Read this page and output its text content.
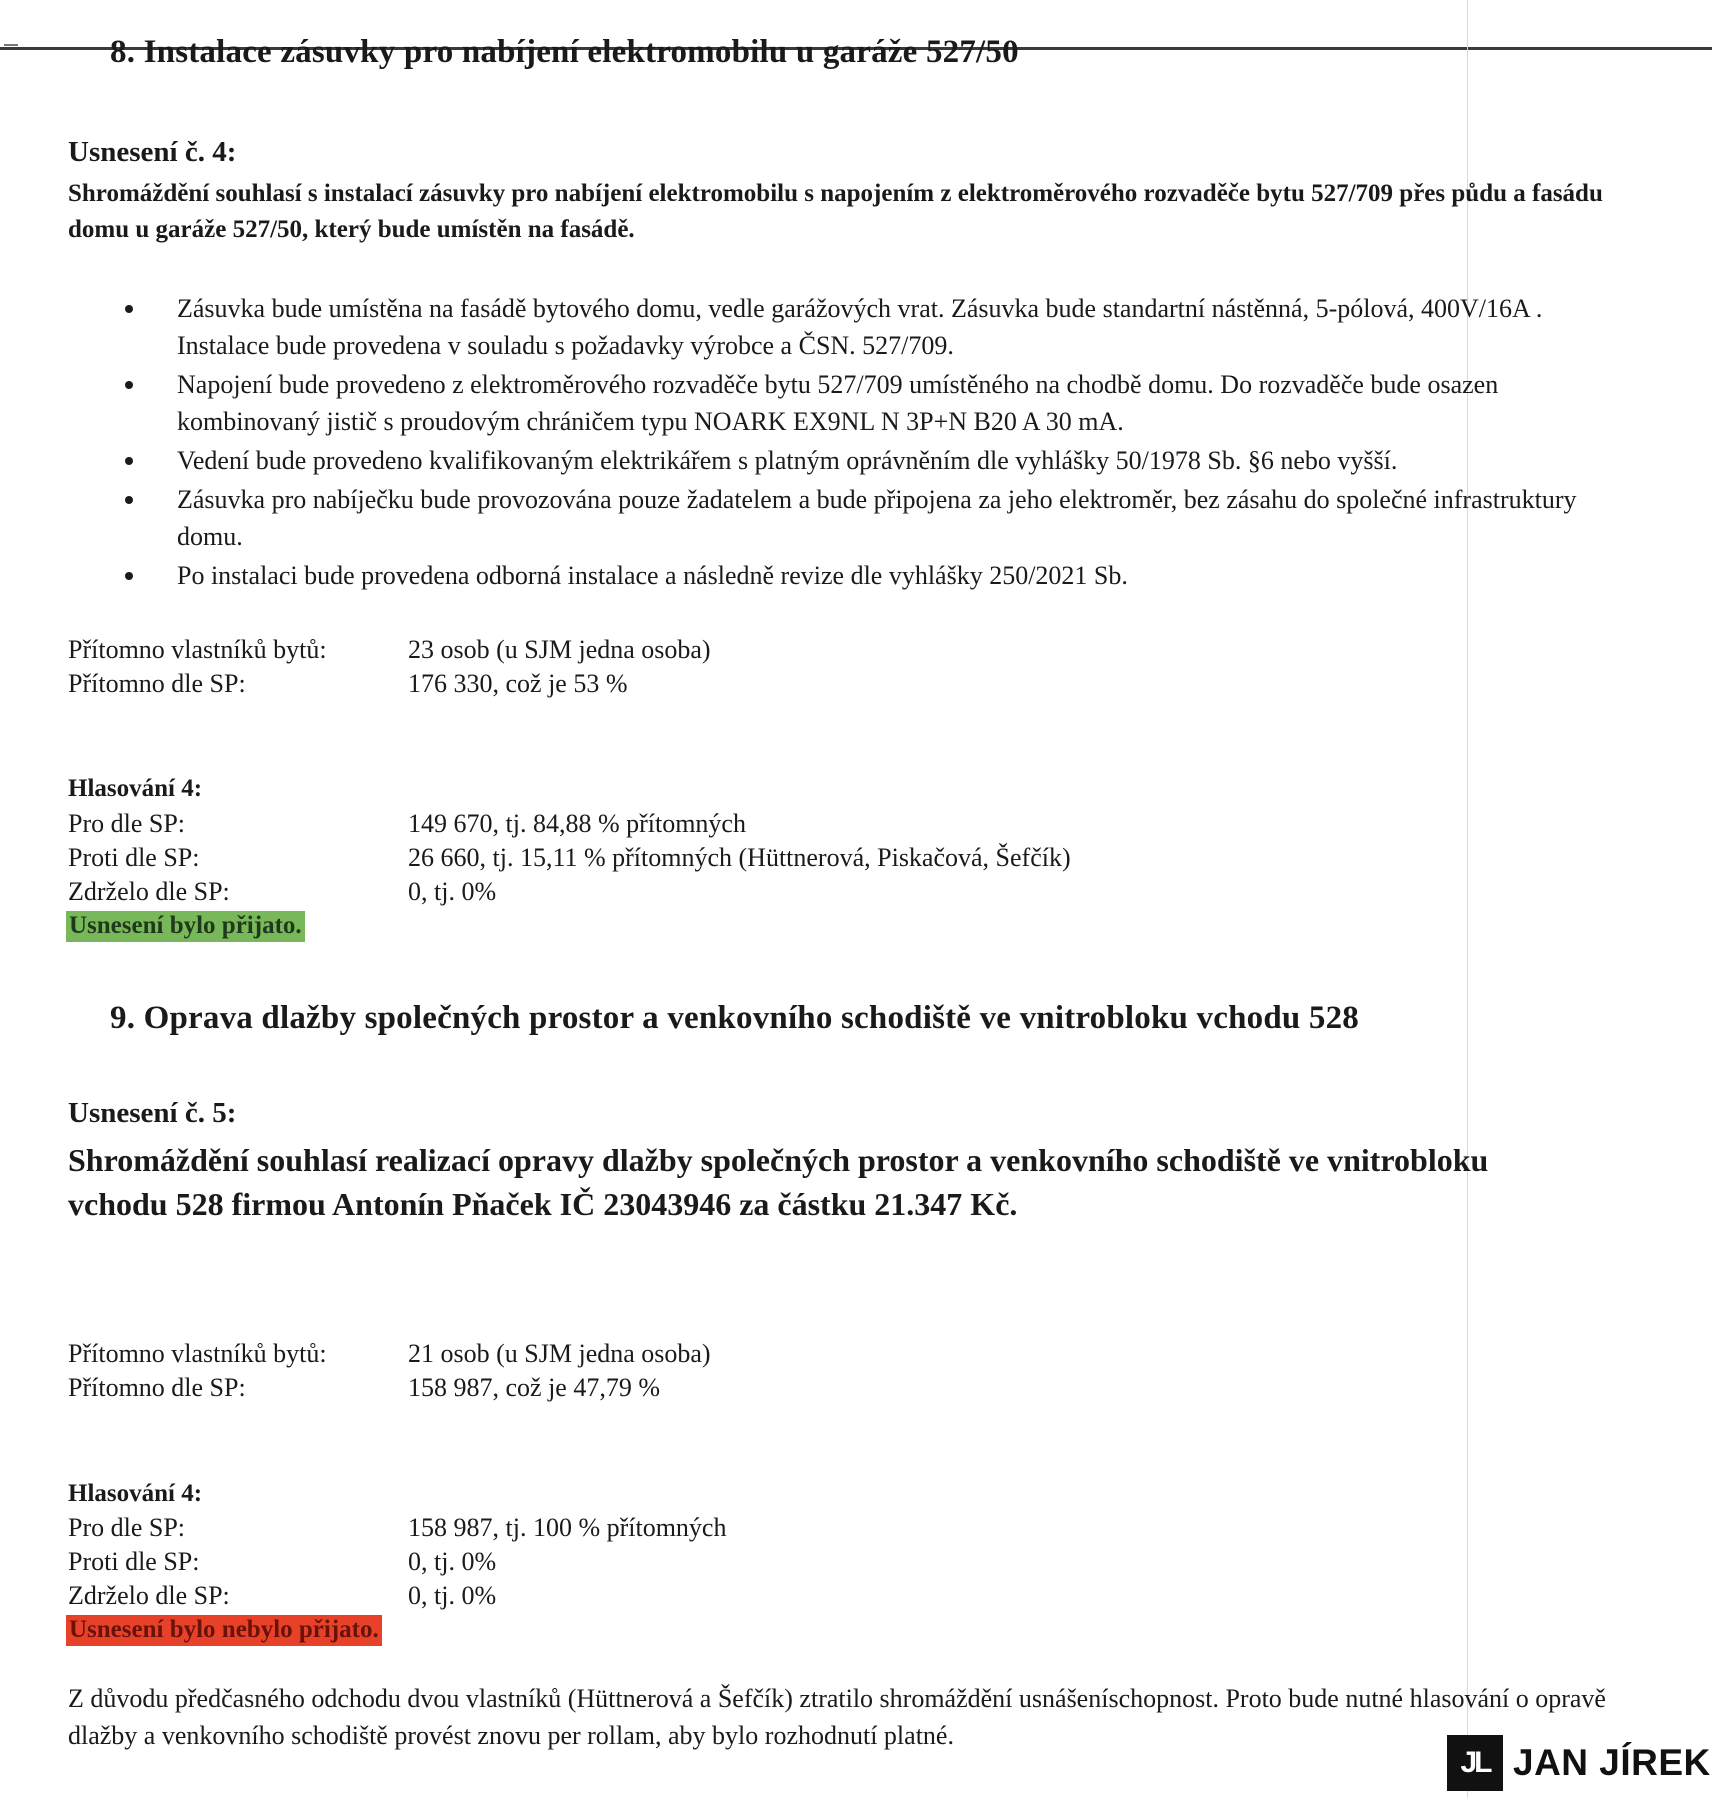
8. Instalace zásuvky pro nabíjení elektromobilu u garáže 527/50
Usnesení č. 4:
Shromáždění souhlasí s instalací zásuvky pro nabíjení elektromobilu s napojením z elektroměrového rozvaděče bytu 527/709 přes půdu a fasádu domu u garáže 527/50, který bude umístěn na fasádě.
Zásuvka bude umístěna na fasádě bytového domu, vedle garážových vrat. Zásuvka bude standartní nástěnná, 5-pólová, 400V/16A . Instalace bude provedena v souladu s požadavky výrobce a ČSN. 527/709.
Napojení bude provedeno z elektroměrového rozvaděče bytu 527/709 umístěného na chodbě domu. Do rozvaděče bude osazen kombinovaný jistič s proudovým chráničem typu NOARK EX9NL N 3P+N B20 A 30 mA.
Vedení bude provedeno kvalifikovaným elektrikářem s platným oprávněním dle vyhlášky 50/1978 Sb. §6 nebo vyšší.
Zásuvka pro nabíječku bude provozována pouze žadatelem a bude připojena za jeho elektroměr, bez zásahu do společné infrastruktury domu.
Po instalaci bude provedena odborná instalace a následně revize dle vyhlášky 250/2021 Sb.
Přítomno vlastníků bytů:	23 osob (u SJM jedna osoba)
Přítomno dle SP:	176 330, což je 53 %
Hlasování 4:
Pro dle SP:	149 670, tj. 84,88 % přítomných
Proti dle SP:	26 660, tj. 15,11 % přítomných (Hüttnerová, Piskačová, Šefčík)
Zdrželo dle SP:	0, tj. 0%
Usnesení bylo přijato.
9. Oprava dlažby společných prostor a venkovního schodiště ve vnitrobloku vchodu 528
Usnesení č. 5:
Shromáždění souhlasí realizací opravy dlažby společných prostor a venkovního schodiště ve vnitrobloku vchodu 528 firmou Antonín Pňaček IČ 23043946 za částku 21.347 Kč.
Přítomno vlastníků bytů:	21 osob (u SJM jedna osoba)
Přítomno dle SP:	158 987, což je 47,79 %
Hlasování 4:
Pro dle SP:	158 987, tj. 100 % přítomných
Proti dle SP:	0, tj. 0%
Zdrželo dle SP:	0, tj. 0%
Usnesení bylo nebylo přijato.
Z důvodu předčasného odchodu dvou vlastníků (Hüttnerová a Šefčík) ztratilo shromáždění usnášeníschopnost. Proto bude nutné hlasování o opravě dlažby a venkovního schodiště provést znovu per rollam, aby bylo rozhodnutí platné.
JL JAN JÍREK
